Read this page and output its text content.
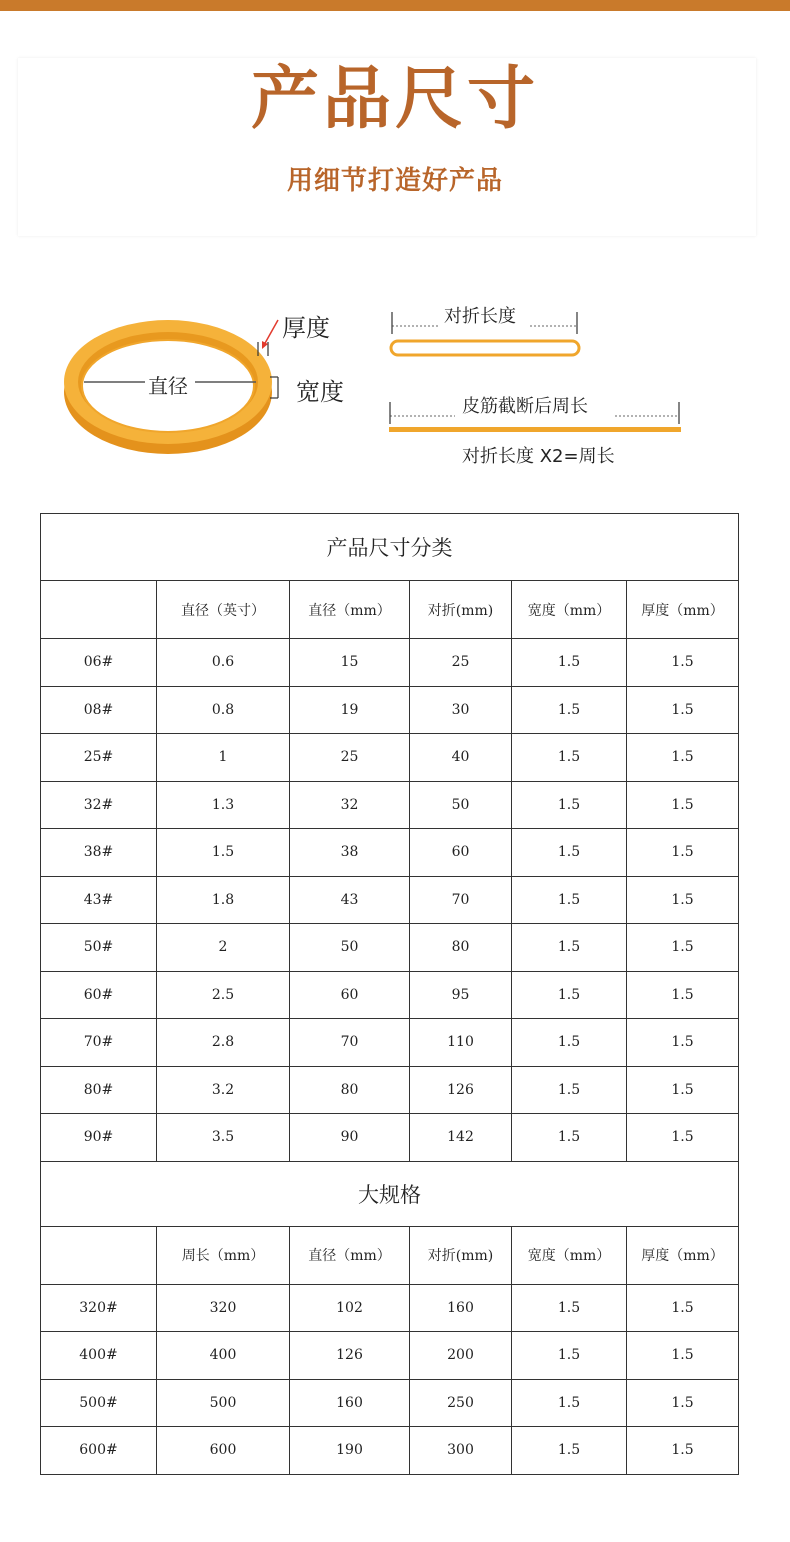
产品尺寸
用细节打造好产品
厚度
直径	宽度
对折长度
皮筋截断后周长
对折长度 X2=周长
产品尺寸分类					
	直径（英寸）	直径（mm）	对折(mm)	宽度（mm）	厚度（mm）
06#	0.6	15	25	1.5	1.5
08#	0.8	19	30	1.5	1.5
25#	1	25	40	1.5	1.5
32#	1.3	32	50	1.5	1.5
38#	1.5	38	60	1.5	1.5
43#	1.8	43	70	1.5	1.5
50#	2	50	80	1.5	1.5
60#	2.5	60	95	1.5	1.5
70#	2.8	70	110	1.5	1.5
80#	3.2	80	126	1.5	1.5
90#	3.5	90	142	1.5	1.5
大规格					
	周长（mm）	直径（mm）	对折(mm)	宽度（mm）	厚度（mm）
320#	320	102	160	1.5	1.5
400#	400	126	200	1.5	1.5
500#	500	160	250	1.5	1.5
600#	600	190	300	1.5	1.5
